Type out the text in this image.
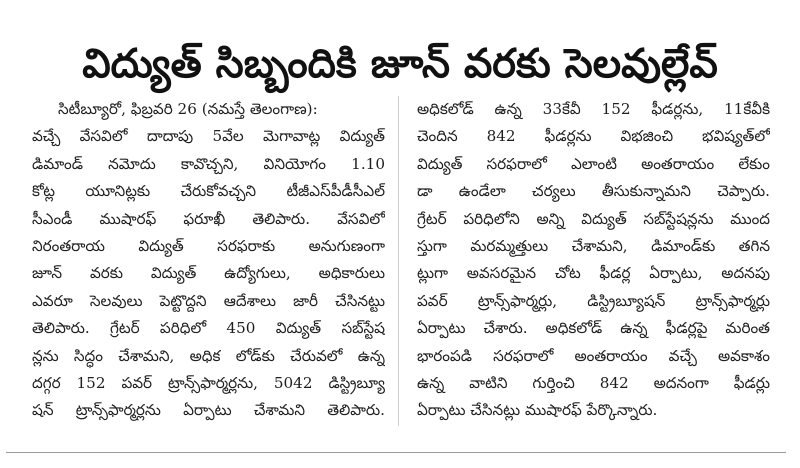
విద్యుత్ సిబ్బందికి జూన్ వరకు సెలవుల్లేవ్
సిటీబ్యూరో, ఫిబ్రవరి 26 (నమస్తే తెలంగాణ):
వచ్చే వేసవిలో దాదాపు 5వేల మెగావాట్ల విద్యుత్
డిమాండ్ నమోదు కావొచ్చని, వినియోగం 1.10
కోట్ల యూనిట్లకు చేరుకోవచ్చని టీజీఎస్‌పీడీసీఎల్
సీఎండీ ముషారఫ్ ఫరూఖీ తెలిపారు. వేసవిలో
నిరంతరాయ విద్యుత్ సరఫరాకు అనుగుణంగా
జూన్ వరకు విద్యుత్ ఉద్యోగులు, అధికారులు
ఎవరూ సెలవులు పెట్టొద్దని ఆదేశాలు జారీ చేసినట్టు
తెలిపారు. గ్రేటర్ పరిధిలో 450 విద్యుత్ సబ్‌స్టేష
న్లను సిద్ధం చేశామని, అధిక లోడ్‌కు చేరువలో ఉన్న
దగ్గర 152 పవర్ ట్రాన్స్‌ఫార్మర్లను, 5042 డిస్ట్రిబ్యూ
షన్ ట్రాన్స్‌ఫార్మర్లను ఏర్పాటు చేశామని తెలిపారు.
అధికలోడ్ ఉన్న 33కేవీ 152 ఫీడర్లను, 11కేవీకి
చెందిన 842 ఫీడర్లను విభజించి భవిష్యత్‌లో
విద్యుత్ సరఫరాలో ఎలాంటి అంతరాయం లేకుం
డా ఉండేలా చర్యలు తీసుకున్నామని చెప్పారు.
గ్రేటర్ పరిధిలోని అన్ని విద్యుత్ సబ్‌స్టేషన్లను ముంద
స్తుగా మరమ్మత్తులు చేశామని, డిమాండ్‌కు తగిన
ట్లుగా అవసరమైన చోట ఫీడర్ల ఏర్పాటు, అదనపు
పవర్ ట్రాన్స్‌ఫార్మర్లు, డిస్ట్రిబ్యూషన్ ట్రాన్స్‌ఫార్మర్లు
ఏర్పాటు చేశారు. అధికలోడ్ ఉన్న ఫీడర్లపై మరింత
భారంపడి సరఫరాలో అంతరాయం వచ్చే అవకాశం
ఉన్న వాటిని గుర్తించి 842 అదనంగా ఫీడర్లు
ఏర్పాటు చేసినట్లు ముషారఫ్ పేర్కొన్నారు.
